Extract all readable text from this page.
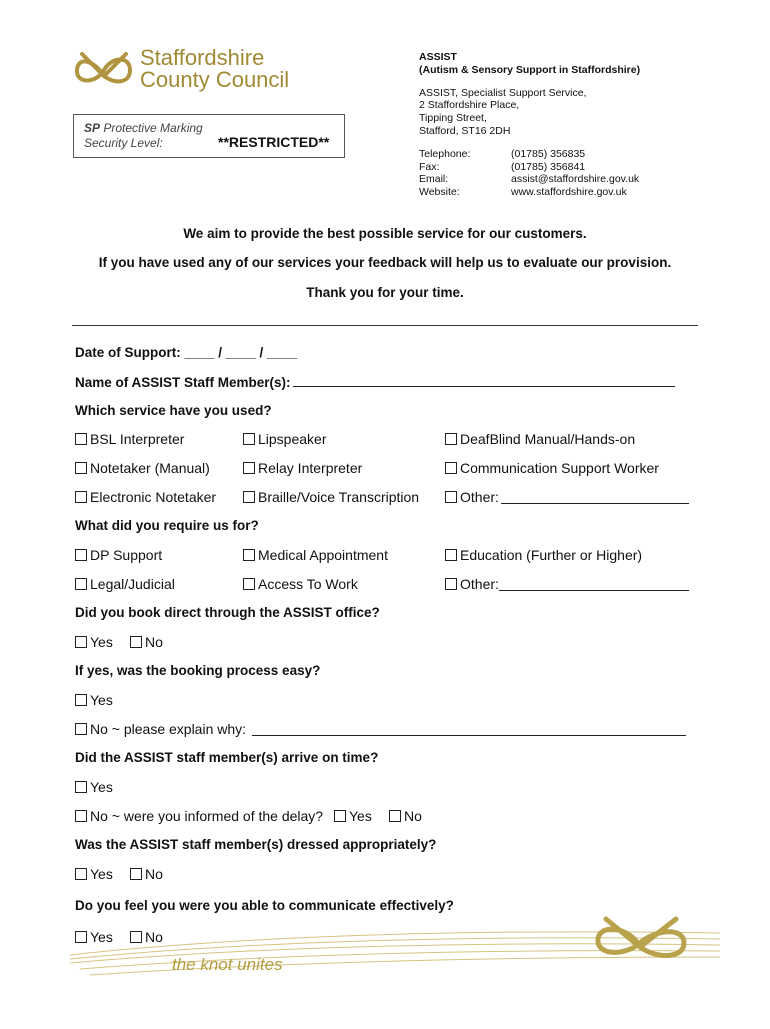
Staffordshire
County Council
SP Protective Marking
Security Level:	**RESTRICTED**
ASSIST
(Autism & Sensory Support in Staffordshire)
ASSIST, Specialist Support Service,
2 Staffordshire Place,
Tipping Street,
Stafford, ST16 2DH
Telephone:	(01785) 356835
Fax:	(01785) 356841
Email:	assist@staffordshire.gov.uk
Website:	www.staffordshire.gov.uk
We aim to provide the best possible service for our customers.
If you have used any of our services your feedback will help us to evaluate our provision.
Thank you for your time.
Date of Support: ____ / ____ / ____
Name of ASSIST Staff Member(s):
Which service have you used?
BSL Interpreter	Lipspeaker	DeafBlind Manual/Hands-on
Notetaker (Manual)	Relay Interpreter	Communication Support Worker
Electronic Notetaker	Braille/Voice Transcription	Other:
What did you require us for?
DP Support	Medical Appointment	Education (Further or Higher)
Legal/Judicial	Access To Work	Other:
Did you book direct through the ASSIST office?
Yes No
If yes, was the booking process easy?
Yes
No ~ please explain why:
Did the ASSIST staff member(s) arrive on time?
Yes
No ~ were you informed of the delay? Yes No
Was the ASSIST staff member(s) dressed appropriately?
Yes No
Do you feel you were you able to communicate effectively?
Yes No
the knot unites
